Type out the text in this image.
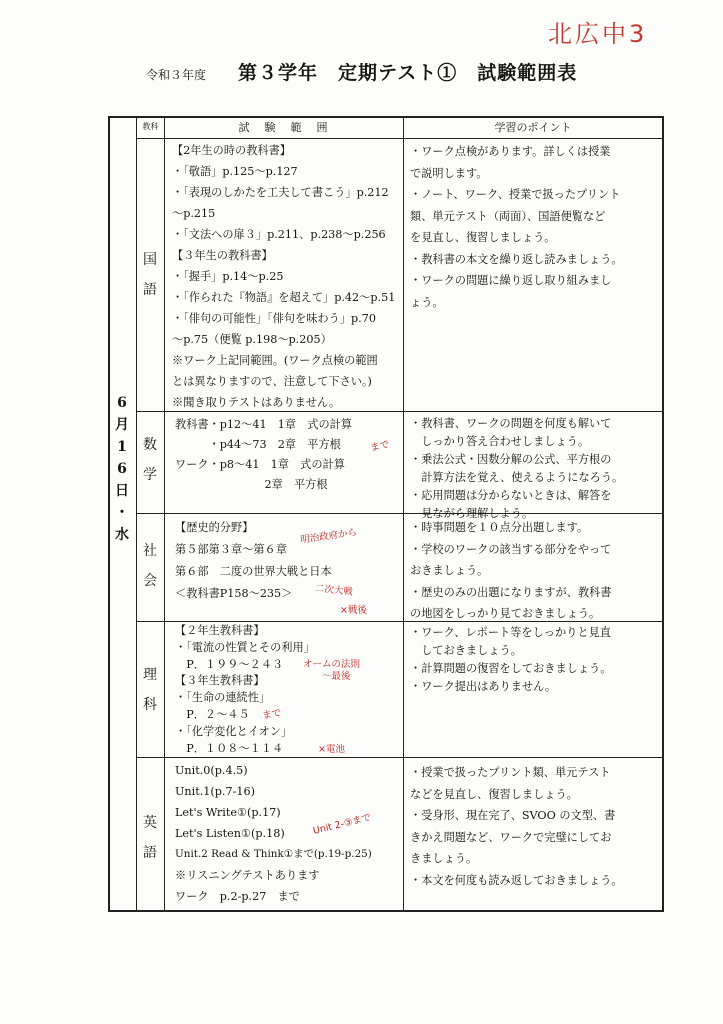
北広中3
令和３年度 第３学年　定期テスト①　試験範囲表
教科	試　験　範　囲	学習のポイント
6
月
1
6
日
・
水
国
語
【2年生の時の教科書】
・「敬語」p.125〜p.127
・「表現のしかたを工夫して書こう」p.212
〜p.215
・「文法への扉３」p.211、p.238〜p.256
【３年生の教科書】
・「握手」p.14〜p.25
・「作られた『物語』を超えて」p.42〜p.51
・「俳句の可能性」「俳句を味わう」p.70
〜p.75（便覧 p.198〜p.205）
※ワーク上記同範囲。(ワーク点検の範囲
とは異なりますので、注意して下さい。)
※聞き取りテストはありません。
・ワーク点検があります。詳しくは授業
で説明します。
・ノート、ワーク、授業で扱ったプリント
類、単元テスト（両面）、国語便覧など
を見直し、復習しましょう。
・教科書の本文を繰り返し読みましょう。
・ワークの問題に繰り返し取り組みまし
ょう。
数
学
教科書・p12〜41　1章　式の計算
　　　・p44〜73　2章　平方根
ワーク・p8〜41　1章　式の計算
　　　　　　　　2章　平方根
まで
・教科書、ワークの問題を何度も解いて
　しっかり答え合わせしましょう。
・乗法公式・因数分解の公式、平方根の
　計算方法を覚え、使えるようになろう。
・応用問題は分からないときは、解答を
　見ながら理解しよう。
社
会
【歴史的分野】
第５部第３章〜第６章
第６部　二度の世界大戦と日本
＜教科書P158〜235＞
明治政府から
二次大戦
×戦後
・時事問題を１０点分出題します。
・学校のワークの該当する部分をやって
おきましょう。
・歴史のみの出題になりますが、教科書
の地図をしっかり見ておきましょう。
理
科
【２年生教科書】
・「電流の性質とその利用」
　P．１９９〜２４３
【３年生教科書】
・「生命の連続性」
　P．２〜４５
・「化学変化とイオン」
　P．１０８〜１１４
オームの法則
〜最後
まで
×電池
・ワーク、レポート等をしっかりと見直
　しておきましょう。
・計算問題の復習をしておきましょう。
・ワーク提出はありません。
英
語
Unit.0(p.4.5)
Unit.1(p.7-16)
Let's Write①(p.17)
Let's Listen①(p.18)
Unit.2 Read & Think①まで(p.19-p.25)
※リスニングテストあります
ワーク　p.2-p.27　まで
Unit 2-③まで
・授業で扱ったプリント類、単元テスト
などを見直し、復習しましょう。
・受身形、現在完了、SVOO の文型、書
きかえ問題など、ワークで完璧にしてお
きましょう。
・本文を何度も読み返しておきましょう。
